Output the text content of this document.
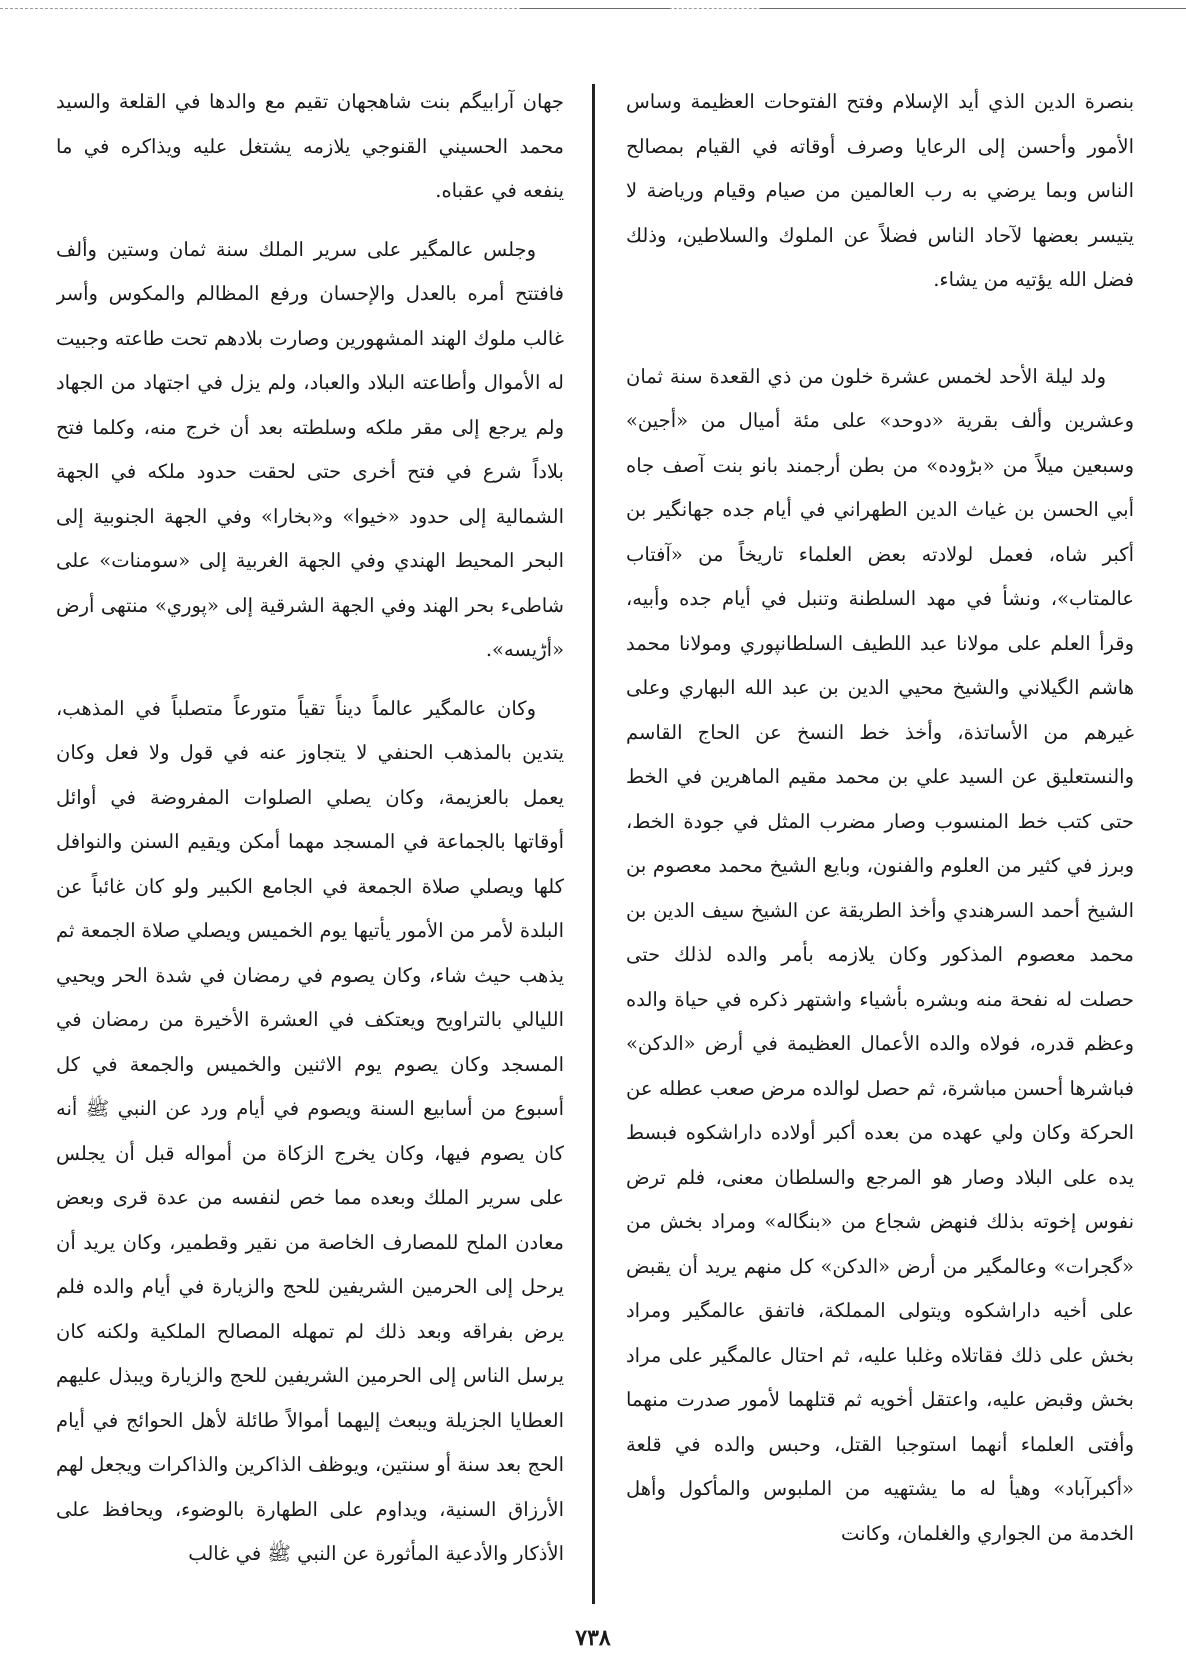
بنصرة الدين الذي أيد الإسلام وفتح الفتوحات العظيمة وساس الأمور وأحسن إلى الرعايا وصرف أوقاته في القيام بمصالح الناس وبما يرضي به رب العالمين من صيام وقيام ورياضة لا يتيسر بعضها لآحاد الناس فضلاً عن الملوك والسلاطين، وذلك فضل الله يؤتيه من يشاء.

ولد ليلة الأحد لخمس عشرة خلون من ذي القعدة سنة ثمان وعشرين وألف بقرية «دوحد» على مئة أميال من «أجين» وسبعين ميلاً من «بڑوده» من بطن أرجمند بانو بنت آصف جاه أبي الحسن بن غياث الدين الطهراني في أيام جده جهانگير بن أكبر شاه، فعمل لولادته بعض العلماء تاريخاً من «آفتاب عالمتاب»، ونشأ في مهد السلطنة وتنبل في أيام جده وأبيه، وقرأ العلم على مولانا عبد اللطيف السلطانپوري ومولانا محمد هاشم الگيلاني والشيخ محيي الدين بن عبد الله البهاري وعلى غيرهم من الأساتذة، وأخذ خط النسخ عن الحاج القاسم والنستعليق عن السيد علي بن محمد مقيم الماهرين في الخط حتى كتب خط المنسوب وصار مضرب المثل في جودة الخط، وبرز في كثير من العلوم والفنون، وبايع الشيخ محمد معصوم بن الشيخ أحمد السرهندي وأخذ الطريقة عن الشيخ سيف الدين بن محمد معصوم المذكور وكان يلازمه بأمر والده لذلك حتى حصلت له نفحة منه وبشره بأشياء واشتهر ذكره في حياة والده وعظم قدره، فولاه والده الأعمال العظيمة في أرض «الدكن» فباشرها أحسن مباشرة، ثم حصل لوالده مرض صعب عطله عن الحركة وكان ولي عهده من بعده أكبر أولاده داراشكوه فبسط يده على البلاد وصار هو المرجع والسلطان معنى، فلم ترض نفوس إخوته بذلك فنهض شجاع من «بنگاله» ومراد بخش من «گجرات» وعالمگير من أرض «الدكن» كل منهم يريد أن يقبض على أخيه داراشكوه ويتولى المملكة، فاتفق عالمگير ومراد بخش على ذلك فقاتلاه وغلبا عليه، ثم احتال عالمگير على مراد بخش وقبض عليه، واعتقل أخويه ثم قتلهما لأمور صدرت منهما وأفتى العلماء أنهما استوجبا القتل، وحبس والده في قلعة «أكبرآباد» وهيأ له ما يشتهيه من الملبوس والمأكول وأهل الخدمة من الجواري والغلمان، وكانت

جهان آرابيگم بنت شاهجهان تقيم مع والدها في القلعة والسيد محمد الحسيني القنوجي يلازمه يشتغل عليه ويذاكره في ما ينفعه في عقباه.

وجلس عالمگير على سرير الملك سنة ثمان وستين وألف فافتتح أمره بالعدل والإحسان ورفع المظالم والمكوس وأسر غالب ملوك الهند المشهورين وصارت بلادهم تحت طاعته وجبيت له الأموال وأطاعته البلاد والعباد، ولم يزل في اجتهاد من الجهاد ولم يرجع إلى مقر ملكه وسلطته بعد أن خرج منه، وكلما فتح بلاداً شرع في فتح أخرى حتى لحقت حدود ملكه في الجهة الشمالية إلى حدود «خيوا» و«بخارا» وفي الجهة الجنوبية إلى البحر المحيط الهندي وفي الجهة الغربية إلى «سومنات» على شاطىء بحر الهند وفي الجهة الشرقية إلى «پوري» منتهى أرض «أڑيسه».

وكان عالمگير عالماً ديناً تقياً متورعاً متصلباً في المذهب، يتدين بالمذهب الحنفي لا يتجاوز عنه في قول ولا فعل وكان يعمل بالعزيمة، وكان يصلي الصلوات المفروضة في أوائل أوقاتها بالجماعة في المسجد مهما أمكن ويقيم السنن والنوافل كلها ويصلي صلاة الجمعة في الجامع الكبير ولو كان غائباً عن البلدة لأمر من الأمور يأتيها يوم الخميس ويصلي صلاة الجمعة ثم يذهب حيث شاء، وكان يصوم في رمضان في شدة الحر ويحيي الليالي بالتراويح ويعتكف في العشرة الأخيرة من رمضان في المسجد وكان يصوم يوم الاثنين والخميس والجمعة في كل أسبوع من أسابيع السنة ويصوم في أيام ورد عن النبي ﷺ أنه كان يصوم فيها، وكان يخرج الزكاة من أمواله قبل أن يجلس على سرير الملك وبعده مما خص لنفسه من عدة قرى وبعض معادن الملح للمصارف الخاصة من نقير وقطمير، وكان يريد أن يرحل إلى الحرمين الشريفين للحج والزيارة في أيام والده فلم يرض بفراقه وبعد ذلك لم تمهله المصالح الملكية ولكنه كان يرسل الناس إلى الحرمين الشريفين للحج والزيارة ويبذل عليهم العطايا الجزيلة ويبعث إليهما أموالاً طائلة لأهل الحوائج في أيام الحج بعد سنة أو سنتين، ويوظف الذاكرين والذاكرات ويجعل لهم الأرزاق السنية، ويداوم على الطهارة بالوضوء، ويحافظ على الأذكار والأدعية المأثورة عن النبي ﷺ في غالب

٧٣٨
